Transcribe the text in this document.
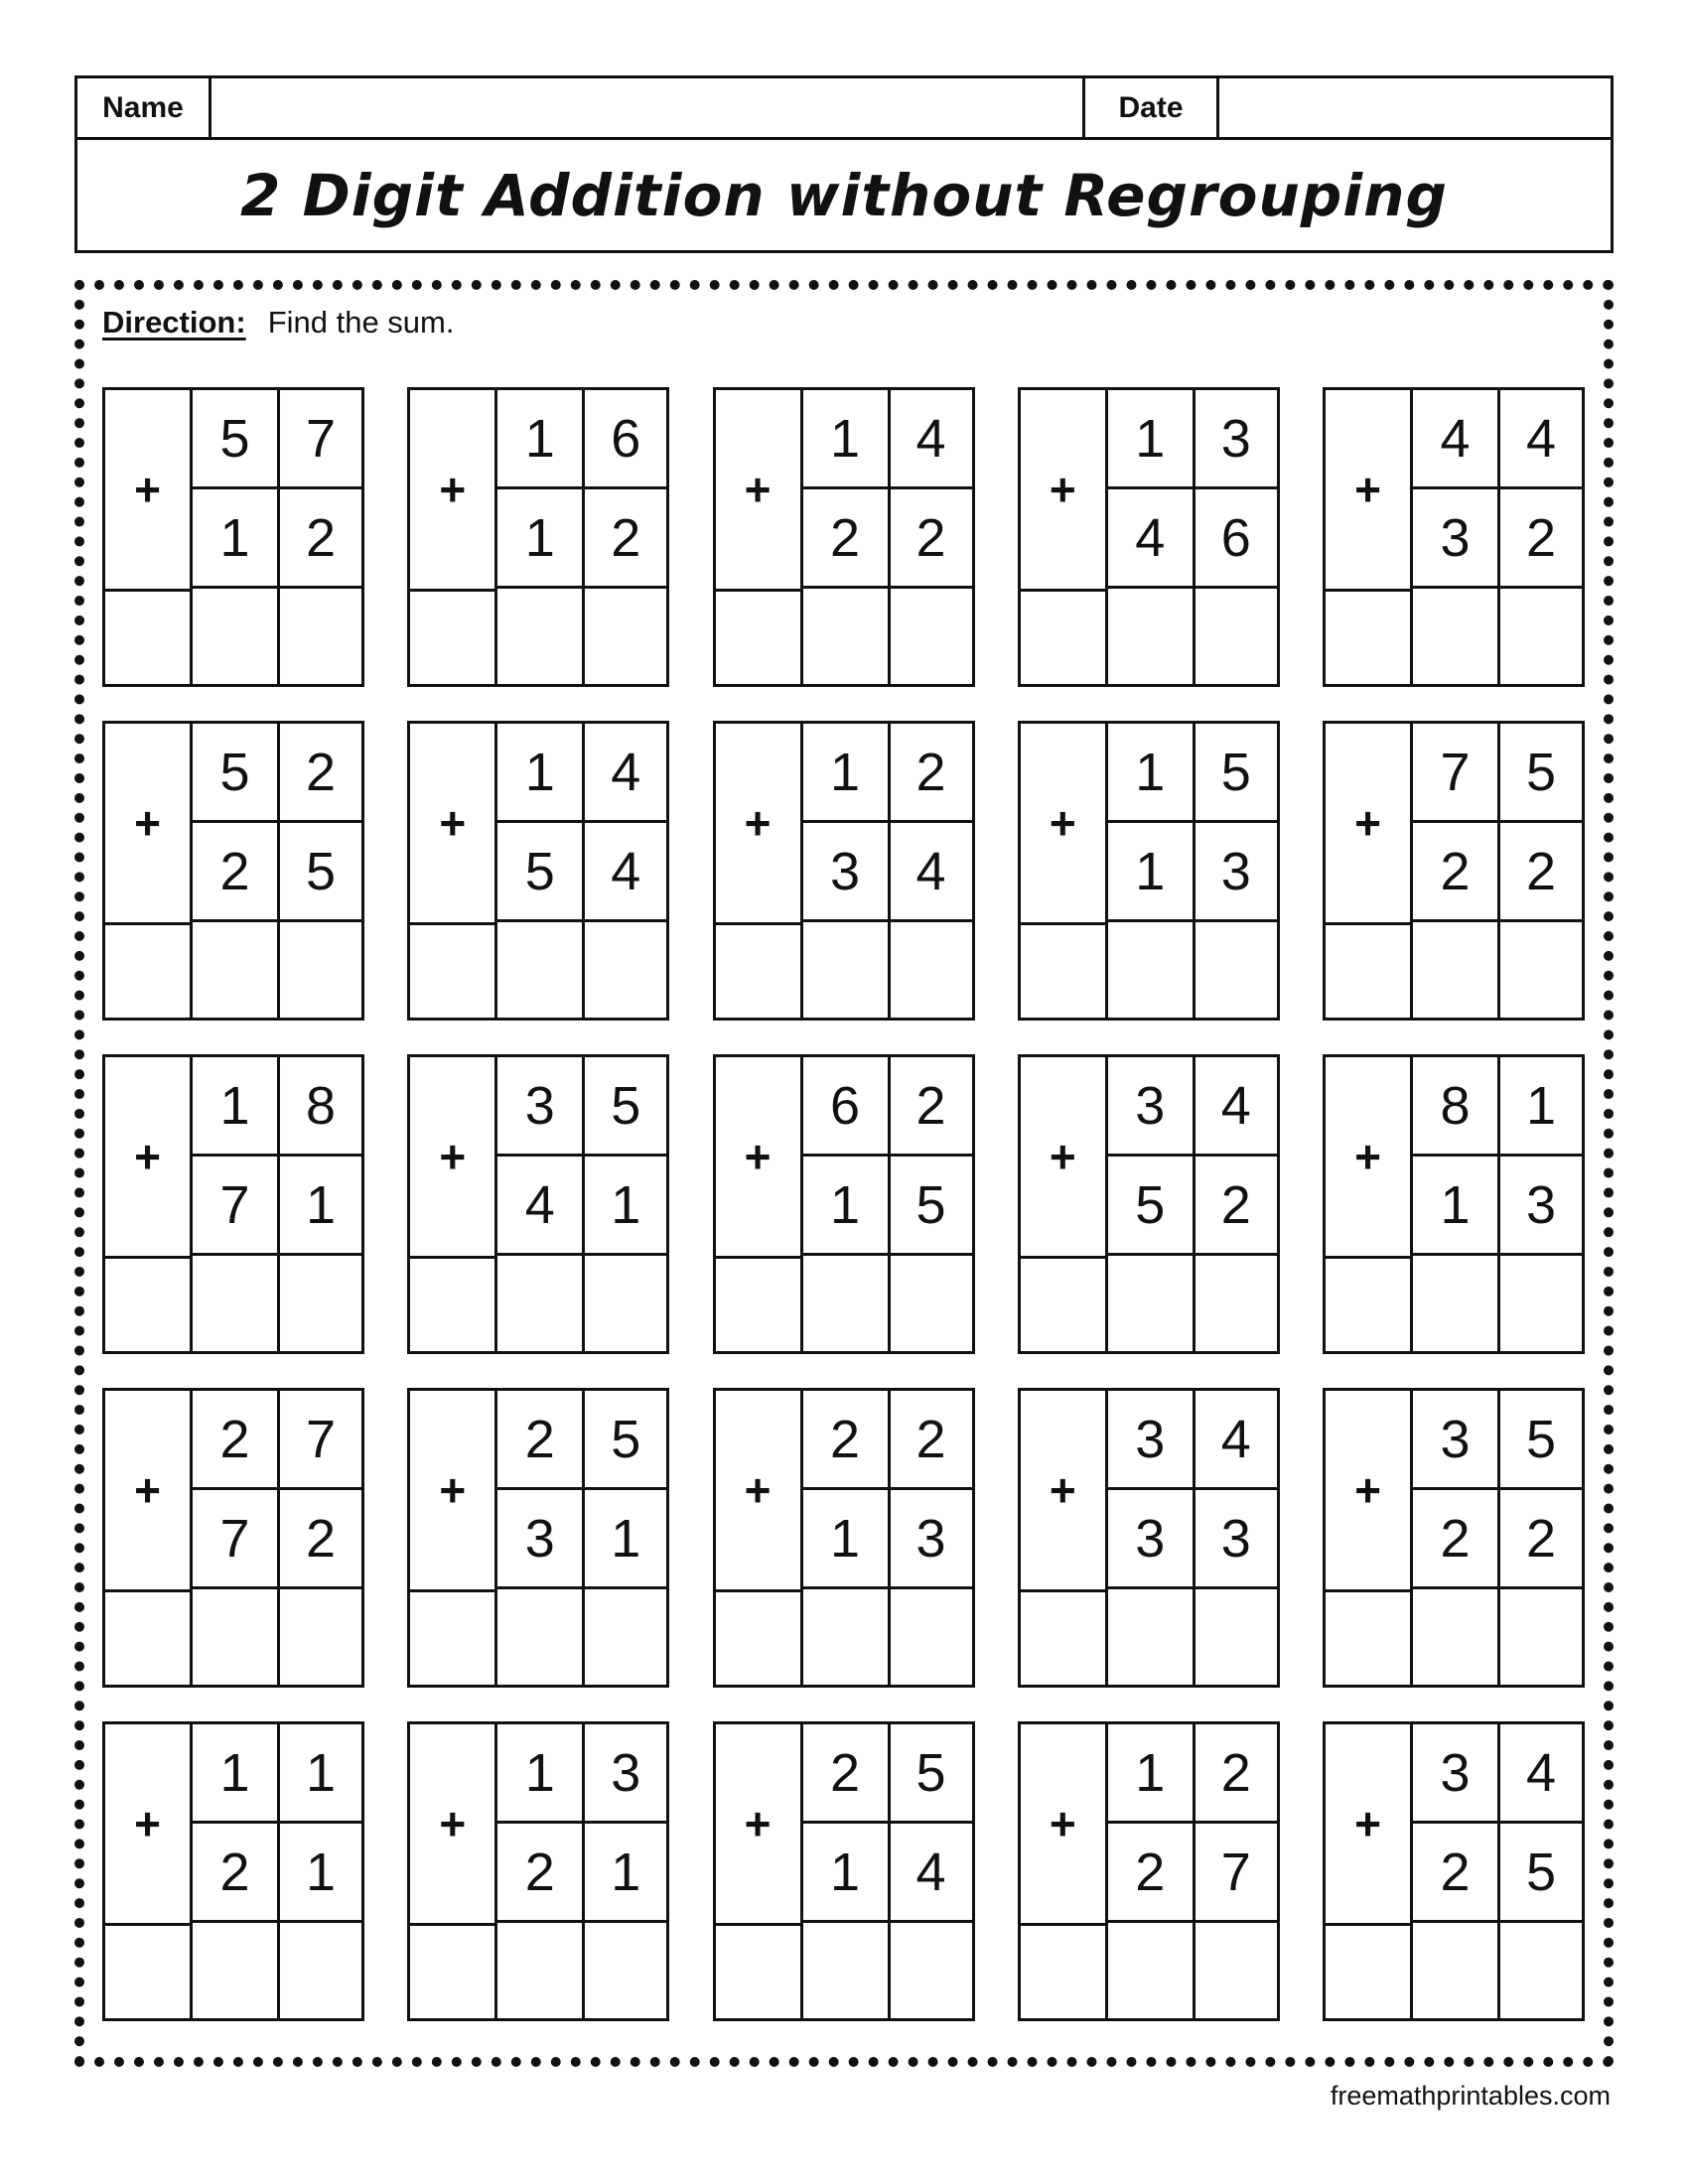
Name	Date
2 Digit Addition without Regrouping
Direction: Find the sum.
+
5	7
1	2
+
1	6
1	2
+
1	4
2	2
+
1	3
4	6
+
4	4
3	2
+
5	2
2	5
+
1	4
5	4
+
1	2
3	4
+
1	5
1	3
+
7	5
2	2
+
1	8
7	1
+
3	5
4	1
+
6	2
1	5
+
3	4
5	2
+
8	1
1	3
+
2	7
7	2
+
2	5
3	1
+
2	2
1	3
+
3	4
3	3
+
3	5
2	2
+
1	1
2	1
+
1	3
2	1
+
2	5
1	4
+
1	2
2	7
+
3	4
2	5
freemathprintables.com
